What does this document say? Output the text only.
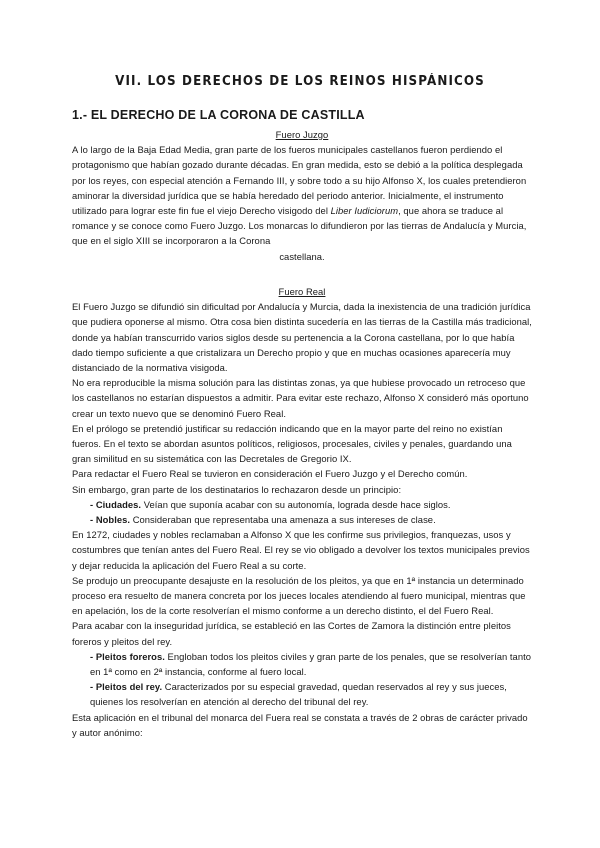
VII. LOS DERECHOS DE LOS REINOS HISPÁNICOS
1.- EL DERECHO DE LA CORONA DE CASTILLA

Fuero Juzgo

A lo largo de la Baja Edad Media, gran parte de los fueros municipales castellanos fueron perdiendo el protagonismo que habían gozado durante décadas. En gran medida, esto se debió a la política desplegada por los reyes, con especial atención a Fernando III, y sobre todo a su hijo Alfonso X, los cuales pretendieron aminorar la diversidad jurídica que se había heredado del periodo anterior. Inicialmente, el instrumento utilizado para lograr este fin fue el viejo Derecho visigodo del Liber Iudiciorum, que ahora se traduce al romance y se conoce como Fuero Juzgo. Los monarcas lo difundieron por las tierras de Andalucía y Murcia, que en el siglo XIII se incorporaron a la Corona

castellana.

Fuero Real

El Fuero Juzgo se difundió sin dificultad por Andalucía y Murcia, dada la inexistencia de una tradición jurídica que pudiera oponerse al mismo. Otra cosa bien distinta sucedería en las tierras de la Castilla más tradicional, donde ya habían transcurrido varios siglos desde su pertenencia a la Corona castellana, por lo que había dado tiempo suficiente a que cristalizara un Derecho propio y que en muchas ocasiones aparecería muy distanciado de la normativa visigoda.

No era reproducible la misma solución para las distintas zonas, ya que hubiese provocado un retroceso que los castellanos no estarían dispuestos a admitir. Para evitar este rechazo, Alfonso X consideró más oportuno crear un texto nuevo que se denominó Fuero Real.

En el prólogo se pretendió justificar su redacción indicando que en la mayor parte del reino no existían fueros. En el texto se abordan asuntos políticos, religiosos, procesales, civiles y penales, guardando una gran similitud en su sistemática con las Decretales de Gregorio IX.

Para redactar el Fuero Real se tuvieron en consideración el Fuero Juzgo y el Derecho común.

Sin embargo, gran parte de los destinatarios lo rechazaron desde un principio:

- Ciudades. Veían que suponía acabar con su autonomía, lograda desde hace siglos.

- Nobles. Consideraban que representaba una amenaza a sus intereses de clase.

En 1272, ciudades y nobles reclamaban a Alfonso X que les confirme sus privilegios, franquezas, usos y costumbres que tenían antes del Fuero Real. El rey se vio obligado a devolver los textos municipales previos y dejar reducida la aplicación del Fuero Real a su corte.

Se produjo un preocupante desajuste en la resolución de los pleitos, ya que en 1ª instancia un determinado proceso era resuelto de manera concreta por los jueces locales atendiendo al fuero municipal, mientras que en apelación, los de la corte resolverían el mismo conforme a un derecho distinto, el del Fuero Real.

Para acabar con la inseguridad jurídica, se estableció en las Cortes de Zamora la distinción entre pleitos foreros y pleitos del rey.

- Pleitos foreros. Engloban todos los pleitos civiles y gran parte de los penales, que se resolverían tanto en 1ª como en 2ª instancia, conforme al fuero local.

- Pleitos del rey. Caracterizados por su especial gravedad, quedan reservados al rey y sus jueces, quienes los resolverían en atención al derecho del tribunal del rey.

Esta aplicación en el tribunal del monarca del Fuera real se constata a través de 2 obras de carácter privado y autor anónimo:
